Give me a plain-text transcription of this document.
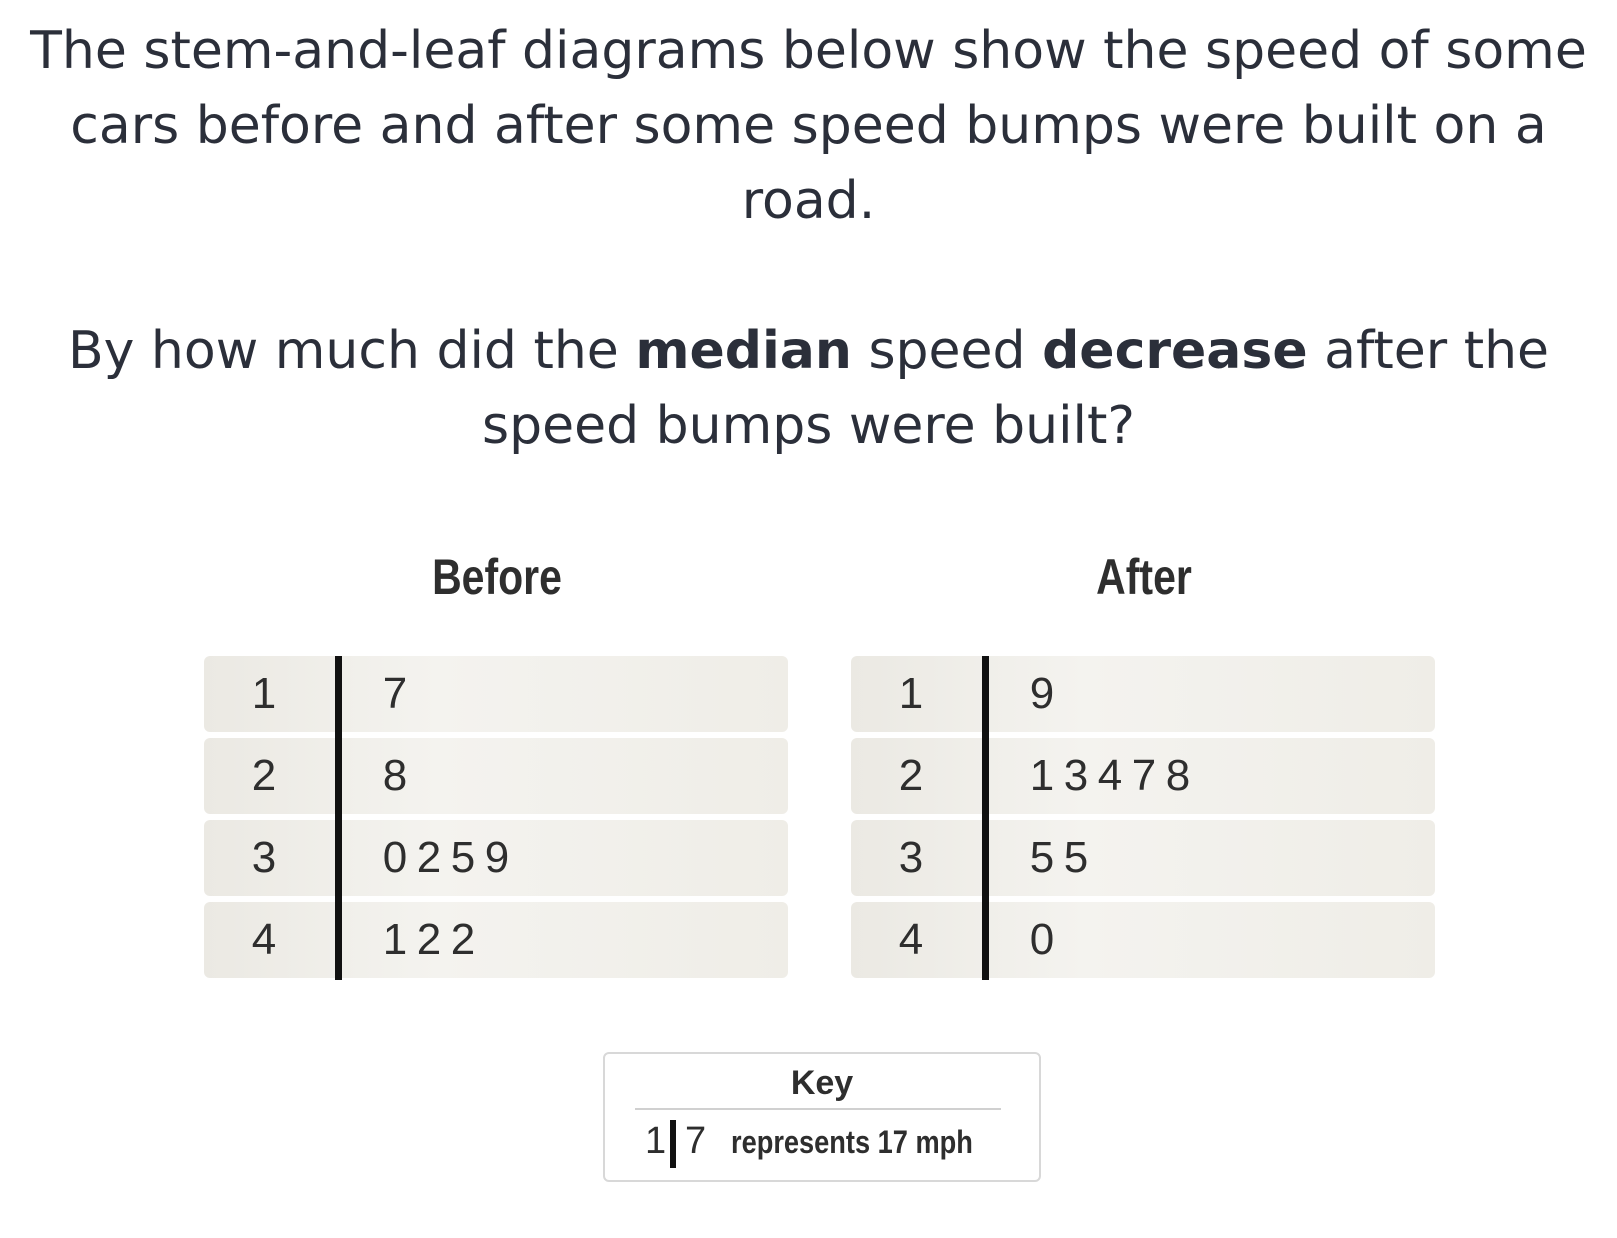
The stem-and-leaf diagrams below show the speed of some cars before and after some speed bumps were built on a road.

By how much did the median speed decrease after the speed bumps were built?

Before	After
1 7
2 8
3 0 2 5 9
4 1 2 2
1 9
2 1 3 4 7 8
3 5 5
4 0
Key
1 7 represents 17 mph
